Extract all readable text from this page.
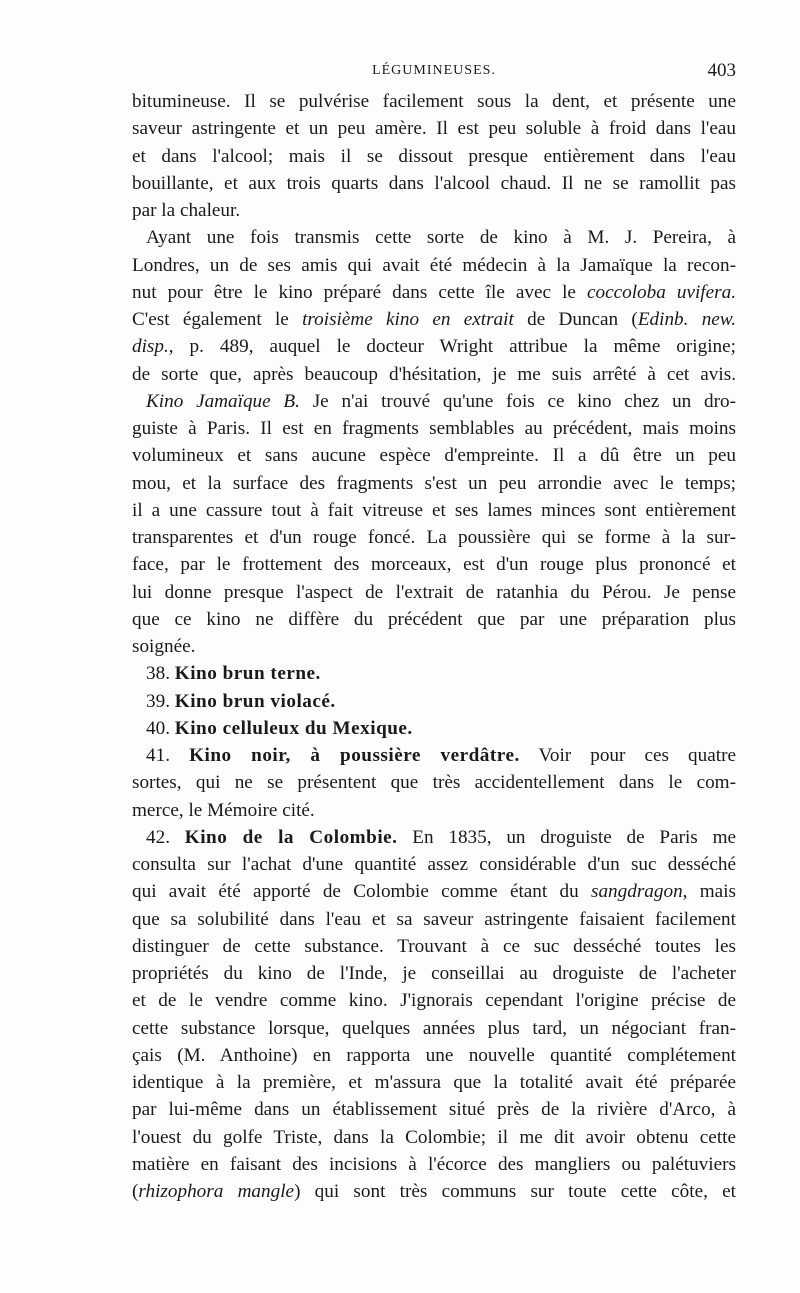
LÉGUMINEUSES.	403
bitumineuse. Il se pulvérise facilement sous la dent, et présente une
saveur astringente et un peu amère. Il est peu soluble à froid dans l'eau
et dans l'alcool; mais il se dissout presque entièrement dans l'eau
bouillante, et aux trois quarts dans l'alcool chaud. Il ne se ramollit pas
par la chaleur.
Ayant une fois transmis cette sorte de kino à M. J. Pereira, à
Londres, un de ses amis qui avait été médecin à la Jamaïque la recon-
nut pour être le kino préparé dans cette île avec le coccoloba uvifera.
C'est également le troisième kino en extrait de Duncan (Edinb. new.
disp., p. 489, auquel le docteur Wright attribue la même origine;
de sorte que, après beaucoup d'hésitation, je me suis arrêté à cet avis.
Kino Jamaïque B. Je n'ai trouvé qu'une fois ce kino chez un dro-
guiste à Paris. Il est en fragments semblables au précédent, mais moins
volumineux et sans aucune espèce d'empreinte. Il a dû être un peu
mou, et la surface des fragments s'est un peu arrondie avec le temps;
il a une cassure tout à fait vitreuse et ses lames minces sont entièrement
transparentes et d'un rouge foncé. La poussière qui se forme à la sur-
face, par le frottement des morceaux, est d'un rouge plus prononcé et
lui donne presque l'aspect de l'extrait de ratanhia du Pérou. Je pense
que ce kino ne diffère du précédent que par une préparation plus
soignée.
38. Kino brun terne.
39. Kino brun violacé.
40. Kino celluleux du Mexique.
41. Kino noir, à poussière verdâtre. Voir pour ces quatre
sortes, qui ne se présentent que très accidentellement dans le com-
merce, le Mémoire cité.
42. Kino de la Colombie. En 1835, un droguiste de Paris me
consulta sur l'achat d'une quantité assez considérable d'un suc desséché
qui avait été apporté de Colombie comme étant du sangdragon, mais
que sa solubilité dans l'eau et sa saveur astringente faisaient facilement
distinguer de cette substance. Trouvant à ce suc desséché toutes les
propriétés du kino de l'Inde, je conseillai au droguiste de l'acheter
et de le vendre comme kino. J'ignorais cependant l'origine précise de
cette substance lorsque, quelques années plus tard, un négociant fran-
çais (M. Anthoine) en rapporta une nouvelle quantité complétement
identique à la première, et m'assura que la totalité avait été préparée
par lui-même dans un établissement situé près de la rivière d'Arco, à
l'ouest du golfe Triste, dans la Colombie; il me dit avoir obtenu cette
matière en faisant des incisions à l'écorce des mangliers ou palétuviers
(rhizophora mangle) qui sont très communs sur toute cette côte, et
